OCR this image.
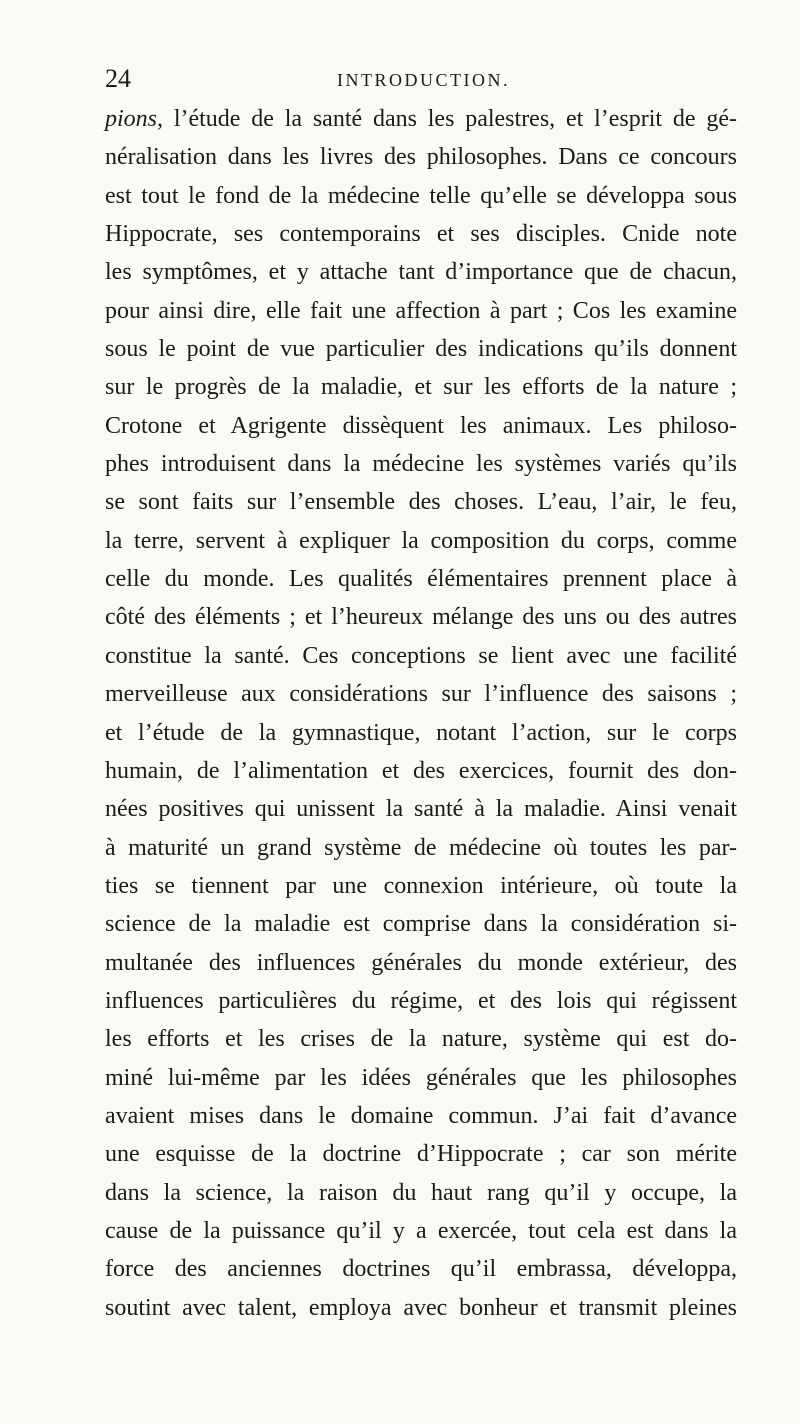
24	INTRODUCTION.
pions, l’étude de la santé dans les palestres, et l’esprit de gé-
néralisation dans les livres des philosophes. Dans ce concours
est tout le fond de la médecine telle qu’elle se développa sous
Hippocrate, ses contemporains et ses disciples. Cnide note
les symptômes, et y attache tant d’importance que de chacun,
pour ainsi dire, elle fait une affection à part ; Cos les examine
sous le point de vue particulier des indications qu’ils donnent
sur le progrès de la maladie, et sur les efforts de la nature ;
Crotone et Agrigente dissèquent les animaux. Les philoso-
phes introduisent dans la médecine les systèmes variés qu’ils
se sont faits sur l’ensemble des choses. L’eau, l’air, le feu,
la terre, servent à expliquer la composition du corps, comme
celle du monde. Les qualités élémentaires prennent place à
côté des éléments ; et l’heureux mélange des uns ou des autres
constitue la santé. Ces conceptions se lient avec une facilité
merveilleuse aux considérations sur l’influence des saisons ;
et l’étude de la gymnastique, notant l’action, sur le corps
humain, de l’alimentation et des exercices, fournit des don-
nées positives qui unissent la santé à la maladie. Ainsi venait
à maturité un grand système de médecine où toutes les par-
ties se tiennent par une connexion intérieure, où toute la
science de la maladie est comprise dans la considération si-
multanée des influences générales du monde extérieur, des
influences particulières du régime, et des lois qui régissent
les efforts et les crises de la nature, système qui est do-
miné lui-même par les idées générales que les philosophes
avaient mises dans le domaine commun. J’ai fait d’avance
une esquisse de la doctrine d’Hippocrate ; car son mérite
dans la science, la raison du haut rang qu’il y occupe, la
cause de la puissance qu’il y a exercée, tout cela est dans la
force des anciennes doctrines qu’il embrassa, développa,
soutint avec talent, employa avec bonheur et transmit pleines
